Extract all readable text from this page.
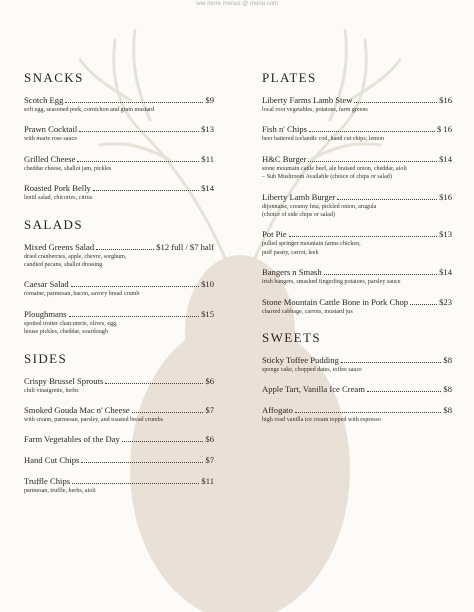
see more menus @ menu.com
SNACKS
Scotch Egg	$9
soft egg, seasoned pork, cornichon and grain mustard
Prawn Cocktail	$13
with marie rose sauce
Grilled Cheese	$11
cheddar cheese, shallot jam, pickles
Roasted Pork Belly	$14
lentil salad, chicories, citrus
SALADS
Mixed Greens Salad	$12 full / $7 half
dried cranberries, apple, chevre, sorghum,
candied pecans, shallot dressing
Caesar Salad	$10
romaine, parmesan, bacon, savory bread crumb
Ploughmans	$15
spotted trotter charcuterie, olives, egg,
house pickles, cheddar, sourdough
SIDES
Crispy Brussel Sprouts	$6
chili vinaigrette, herbs
Smoked Gouda Mac n' Cheese	$7
with cream, parmesan, parsley, and toasted bread crumbs
Farm Vegetables of the Day	$6
Hand Cut Chips	$7
Truffle Chips	$11
parmesan, truffle, herbs, aioli
PLATES
Liberty Farms Lamb Stew	$16
local root vegetables, potatoes, farm greens
Fish n' Chips	$ 16
beer battered icelandic cod, hand cut chips, lemon
H&C Burger	$14
stone mountain cattle beef, ale braised onion, cheddar, aioli
– Sub Mushroom Available (choice of chips or salad)
Liberty Lamb Burger	$16
dijonnaise, creamy feta, pickled onion, arugula
(choice of side chips or salad)
Pot Pie	$13
pulled springer mountain farms chicken,
puff pastry, carrot, leek
Bangers n Smash	$14
irish bangers, smashed fingerling potatoes, parsley sauce
Stone Mountain Cattle Bone in Pork Chop	$23
charred cabbage, carrots, mustard jus
SWEETS
Sticky Toffee Pudding	$8
sponge cake, chopped dates, toffee sauce
Apple Tart, Vanilla Ice Cream	$8
Affogato	$8
high road vanilla ice cream topped with espresso
